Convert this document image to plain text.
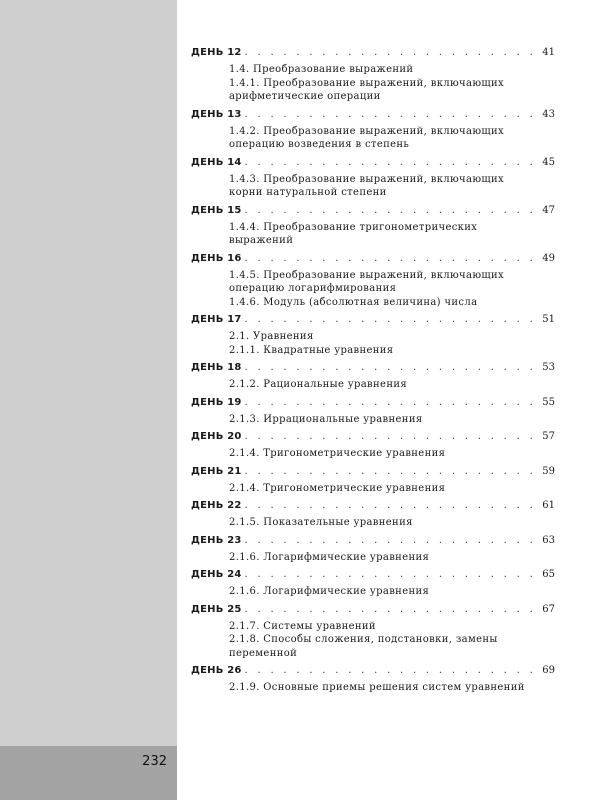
232
ДЕНЬ 12 . . .	41
1.4. Преобразование выражений
1.4.1. Преобразование выражений, включающих арифметические операции
ДЕНЬ 13 . . .	43
1.4.2. Преобразование выражений, включающих операцию возведения в степень
ДЕНЬ 14 . . .	45
1.4.3. Преобразование выражений, включающих корни натуральной степени
ДЕНЬ 15 . . .	47
1.4.4. Преобразование тригонометрических выражений
ДЕНЬ 16 . . .	49
1.4.5. Преобразование выражений, включающих операцию логарифмирования
1.4.6. Модуль (абсолютная величина) числа
ДЕНЬ 17 . . .	51
2.1. Уравнения
2.1.1. Квадратные уравнения
ДЕНЬ 18 . . .	53
2.1.2. Рациональные уравнения
ДЕНЬ 19 . . .	55
2.1.3. Иррациональные уравнения
ДЕНЬ 20 . . .	57
2.1.4. Тригонометрические уравнения
ДЕНЬ 21 . . .	59
2.1.4. Тригонометрические уравнения
ДЕНЬ 22 . . .	61
2.1.5. Показательные уравнения
ДЕНЬ 23 . . .	63
2.1.6. Логарифмические уравнения
ДЕНЬ 24 . . .	65
2.1.6. Логарифмические уравнения
ДЕНЬ 25 . . .	67
2.1.7. Системы уравнений
2.1.8. Способы сложения, подстановки, замены переменной
ДЕНЬ 26 . . .	69
2.1.9. Основные приемы решения систем уравнений
